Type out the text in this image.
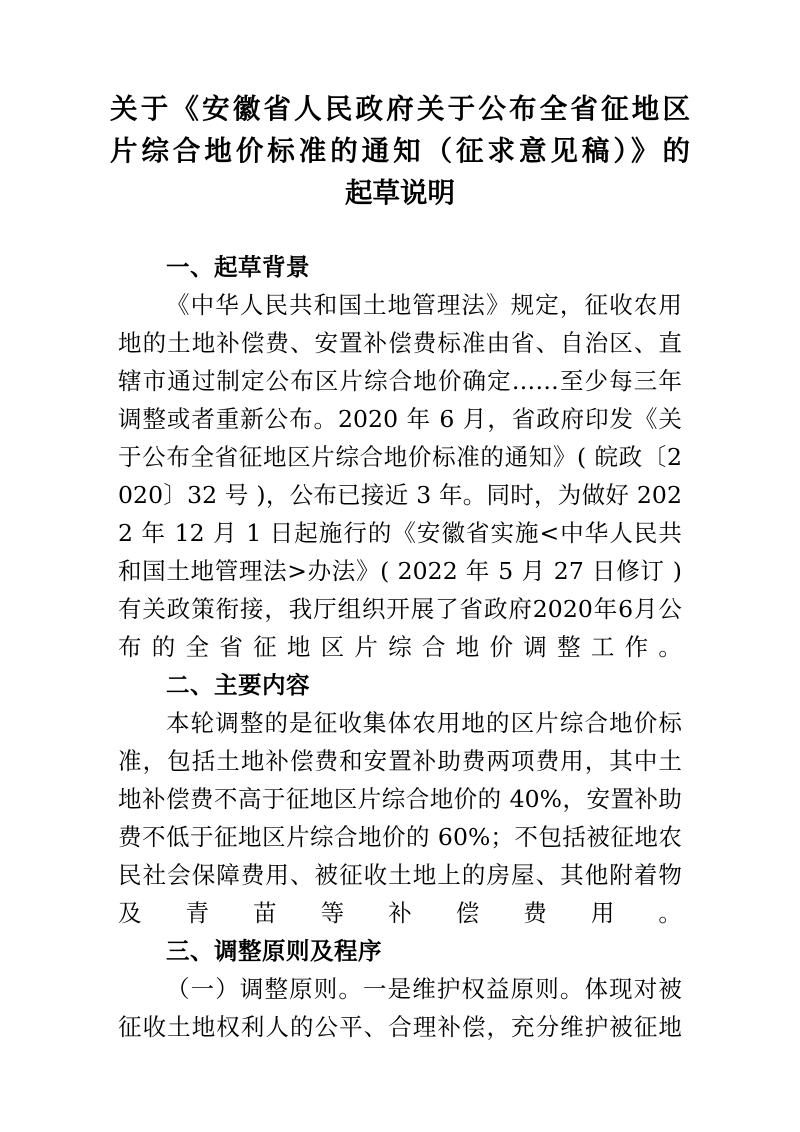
关于《安徽省人民政府关于公布全省征地区
片综合地价标准的通知（征求意见稿）》的
起草说明
一、起草背景
《中华人民共和国土地管理法》规定，征收农用地的土地补偿费、安置补偿费标准由省、自治区、直辖市通过制定公布区片综合地价确定……至少每三年调整或者重新公布。2020 年 6 月，省政府印发《关于公布全省征地区片综合地价标准的通知》( 皖政〔2020〕32 号 )，公布已接近 3 年。同时，为做好 2022 年 12 月 1 日起施行的《安徽省实施<中华人民共和国土地管理法>办法》( 2022 年 5 月 27 日修订 )有关政策衔接，我厅组织开展了省政府2020年6月公布的全省征地区片综合地价调整工作。
二、主要内容
本轮调整的是征收集体农用地的区片综合地价标准，包括土地补偿费和安置补助费两项费用，其中土地补偿费不高于征地区片综合地价的 40%，安置补助费不低于征地区片综合地价的 60%；不包括被征地农民社会保障费用、被征收土地上的房屋、其他附着物及青苗等补偿费用。
三、调整原则及程序
（一）调整原则。一是维护权益原则。体现对被征收土地权利人的公平、合理补偿，充分维护被征地
